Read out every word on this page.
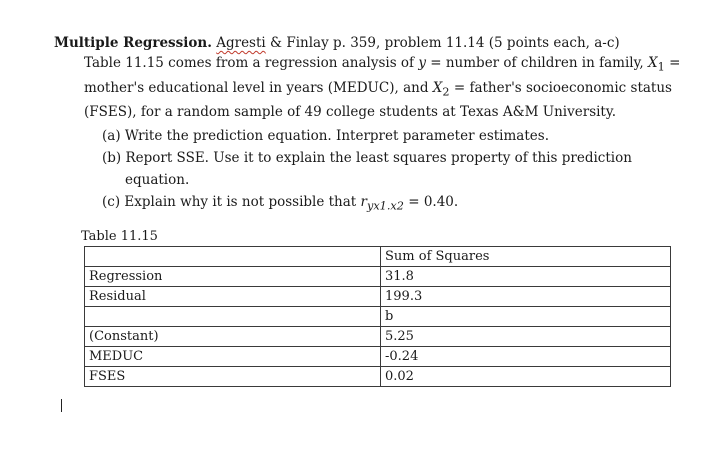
Multiple Regression. Agresti & Finlay p. 359, problem 11.14 (5 points each, a-c)

Table 11.15 comes from a regression analysis of y = number of children in family, $X_1$ =
mother's educational level in years (MEDUC), and $X_2$ = father's socioeconomic status
(FSES), for a random sample of 49 college students at Texas A&M University.
(a) Write the prediction equation. Interpret parameter estimates.
(b) Report SSE. Use it to explain the least squares property of this prediction
equation.
(c) Explain why it is not possible that $r_{yx1.x2} = 0.40$.
Table 11.15
	Sum of Squares
Regression	31.8
Residual	199.3
	b
(Constant)	5.25
MEDUC	-0.24
FSES	0.02
